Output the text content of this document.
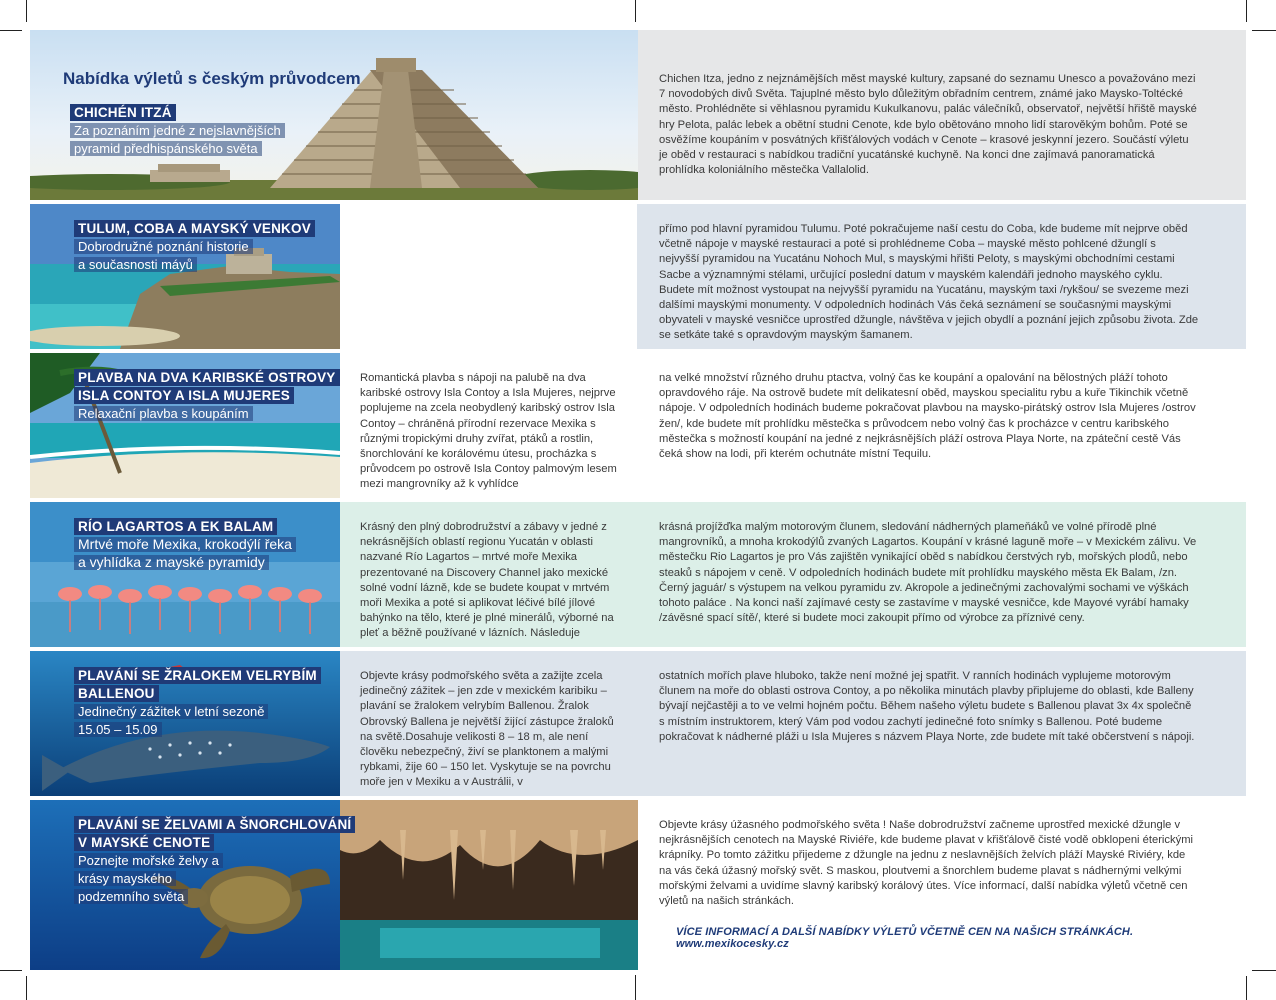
Nabídka výletů s českým průvodcem
CHICHÉN ITZÁ
Za poznáním jedné z nejslavnějších
pyramid předhispánského světa

Chichen Itza, jedno z nejznámějších měst mayské kultury, zapsané do seznamu Unesco a považováno mezi 7 novodobých divů Světa. Tajuplné město bylo důležitým obřadním centrem, známé jako Maysko-Toltécké město. Prohlédněte si věhlasnou pyramidu Kukulkanovu, palác válečníků, observatoř, největší hřiště mayské hry Pelota, palác lebek a obětní studni Cenote, kde bylo obětováno mnoho lidí starověkým bohům. Poté se osvěžíme koupáním v posvátných křišťálových vodách v Cenote – krasové jeskynní jezero. Součástí výletu je oběd v restauraci s nabídkou tradiční yucatánské kuchyně. Na konci dne zajímavá panoramatická prohlídka koloniálního městečka Vallalolid.

TULUM, COBA A MAYSKÝ VENKOV
Dobrodružné poznání historie
a současnosti máyů

přímo pod hlavní pyramidou Tulumu. Poté pokračujeme naší cestu do Coba, kde budeme mít nejprve oběd včetně nápoje v mayské restauraci a poté si prohlédneme Coba – mayské město pohlcené džunglí s nejvyšší pyramidou na Yucatánu Nohoch Mul, s mayskými hřišti Peloty, s mayskými obchodními cestami Sacbe a významnými stélami, určující poslední datum v mayském kalendáři jednoho mayského cyklu. Budete mít možnost vystoupat na nejvyšší pyramidu na Yucatánu, mayským taxi /rykšou/ se svezeme mezi dalšími mayskými monumenty. V odpoledních hodinách Vás čeká seznámení se současnými mayskými obyvateli v mayské vesničce uprostřed džungle, návštěva v jejich obydlí a poznání jejich způsobu života. Zde se setkáte také s opravdovým mayským šamanem.

PLAVBA NA DVA KARIBSKÉ OSTROVY
ISLA CONTOY A ISLA MUJERES
Relaxační plavba s koupáním

Romantická plavba s nápoji na palubě na dva karibské ostrovy Isla Contoy a Isla Mujeres, nejprve poplujeme na zcela neobydlený karibský ostrov Isla Contoy – chráněná přírodní rezervace Mexika s různými tropickými druhy zvířat, ptáků a rostlin, šnorchlování ke korálovému útesu, procházka s průvodcem po ostrově Isla Contoy palmovým lesem mezi mangrovníky až k vyhlídce

na velké množství různého druhu ptactva, volný čas ke koupání a opalování na bělostných pláží tohoto opravdového ráje. Na ostrově budete mít delikatesní oběd, mayskou specialitu rybu a kuře Tikinchik včetně nápoje. V odpoledních hodinách budeme pokračovat plavbou na maysko-pirátský ostrov Isla Mujeres /ostrov žen/, kde budete mít prohlídku městečka s průvodcem nebo volný čas k procházce v centru karibského městečka s možností koupání na jedné z nejkrásnějších pláží ostrova Playa Norte, na zpáteční cestě Vás čeká show na lodi, při kterém ochutnáte místní Tequilu.

RÍO LAGARTOS A EK BALAM
Mrtvé moře Mexika, krokodýlí řeka
a vyhlídka z mayské pyramidy

Krásný den plný dobrodružství a zábavy v jedné z nekrásnějších oblastí regionu Yucatán v oblasti nazvané Río Lagartos – mrtvé moře Mexika prezentované na Discovery Channel jako mexické solné vodní lázně, kde se budete koupat v mrtvém moři Mexika a poté si aplikovat léčivé bílé jílové bahýnko na tělo, které je plné minerálů, výborné na pleť a běžně používané v lázních. Následuje

krásná projížďka malým motorovým člunem, sledování nádherných plameňáků ve volné přírodě plné mangrovníků, a mnoha krokodýlů zvaných Lagartos. Koupání v krásné laguně moře – v Mexickém zálivu. Ve městečku Rio Lagartos je pro Vás zajištěn vynikající oběd s nabídkou čerstvých ryb, mořských plodů, nebo steaků s nápojem v ceně. V odpoledních hodinách budete mít prohlídku mayského města Ek Balam, /zn. Černý jaguár/ s výstupem na velkou pyramidu zv. Akropole a jedinečnými zachovalými sochami ve výškách tohoto paláce . Na konci naší zajímavé cesty se zastavíme v mayské vesničce, kde Mayové vyrábí hamaky /závěsné spací sítě/, které si budete moci zakoupit přímo od výrobce za příznivé ceny.

PLAVÁNÍ SE ŽRALOKEM VELRYBÍM
BALLENOU
Jedinečný zážitek v letní sezoně
15.05 – 15.09

Objevte krásy podmořského světa a zažijte zcela jedinečný zážitek – jen zde v mexickém karibiku – plavání se žralokem velrybím Ballenou. Žralok Obrovský Ballena je největší žijící zástupce žraloků na světě.Dosahuje velikosti 8 – 18 m, ale není člověku nebezpečný, živí se planktonem a malými rybkami, žije 60 – 150 let. Vyskytuje se na povrchu moře jen v Mexiku a v Austrálii, v

ostatních mořích plave hluboko, takže není možné jej spatřit. V ranních hodinách vyplujeme motorovým člunem na moře do oblasti ostrova Contoy, a po několika minutách plavby připlujeme do oblasti, kde Balleny bývají nejčastěji a to ve velmi hojném počtu. Během našeho výletu budete s Ballenou plavat 3x 4x společně s místním instruktorem, který Vám pod vodou zachytí jedinečné foto snímky s Ballenou. Poté budeme pokračovat k nádherné pláži u Isla Mujeres s názvem Playa Norte, zde budete mít také občerstvení s nápoji.

PLAVÁNÍ SE ŽELVAMI A ŠNORCHLOVÁNÍ
V MAYSKÉ CENOTE
Poznejte mořské želvy a
krásy mayského
podzemního světa

Objevte krásy úžasného podmořského světa ! Naše dobrodružství začneme uprostřed mexické džungle v nejkrásnějších cenotech na Mayské Riviéře, kde budeme plavat v křišťálově čisté vodě obklopeni éterickými krápníky. Po tomto zážitku přijedeme z džungle na jednu z neslavnějších želvích pláží Mayské Riviéry, kde na vás čeká úžasný mořský svět. S maskou, ploutvemi a šnorchlem budeme plavat s nádhernými velkými mořskými želvami a uvidíme slavný karibský korálový útes. Více informací, další nabídka výletů včetně cen výletů na našich stránkách.

VÍCE INFORMACÍ A DALŠÍ NABÍDKY VÝLETŮ VČETNĚ CEN NA NAŠICH STRÁNKÁCH. www.mexikocesky.cz
